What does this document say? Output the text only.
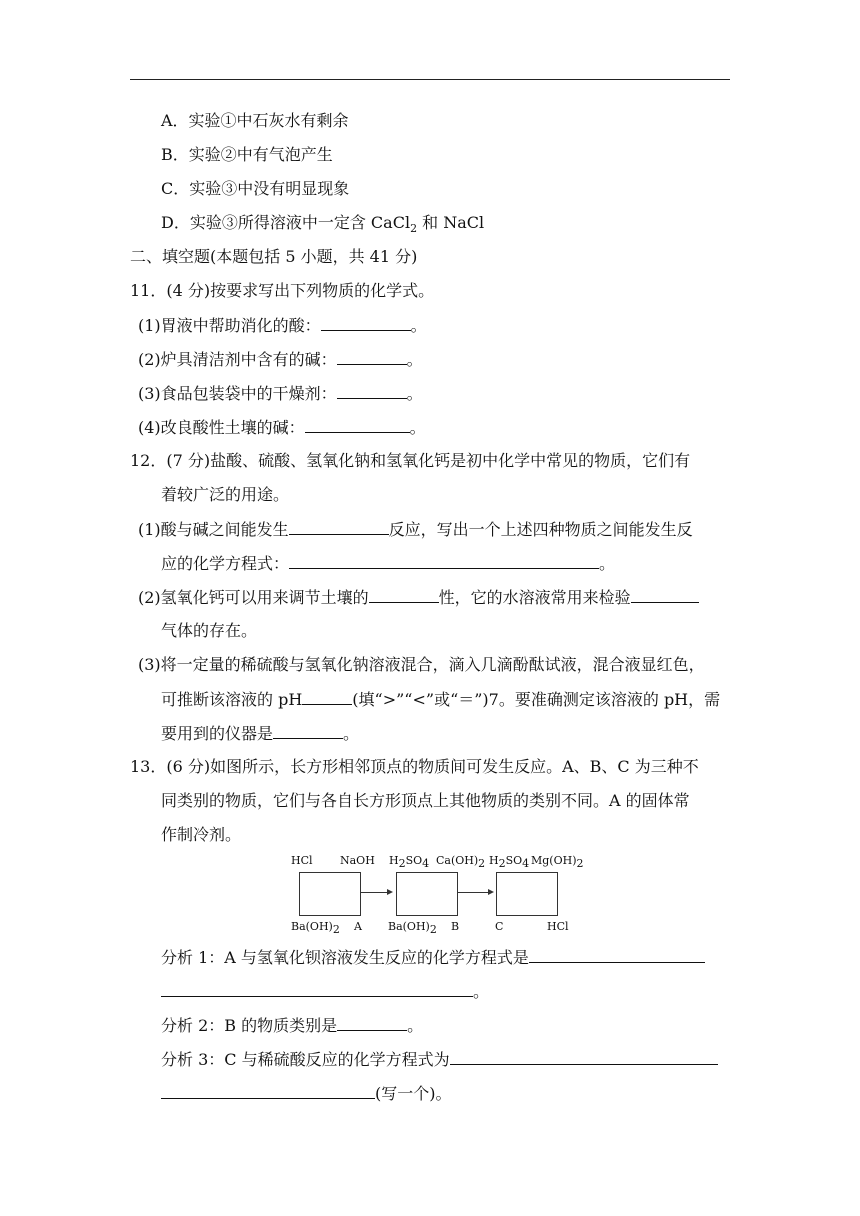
A．实验①中石灰水有剩余
B．实验②中有气泡产生
C．实验③中没有明显现象
D．实验③所得溶液中一定含 CaCl$_2$ 和 NaCl
二、填空题(本题包括 5 小题，共 41 分)
11．(4 分)按要求写出下列物质的化学式。
(1)胃液中帮助消化的酸：	。
(2)炉具清洁剂中含有的碱：	。
(3)食品包装袋中的干燥剂：	。
(4)改良酸性土壤的碱：	。
12．(7 分)盐酸、硫酸、氢氧化钠和氢氧化钙是初中化学中常见的物质，它们有
着较广泛的用途。
(1)酸与碱之间能发生	反应，写出一个上述四种物质之间能发生反
应的化学方程式：	。
(2)氢氧化钙可以用来调节土壤的	性，它的水溶液常用来检验
气体的存在。
(3)将一定量的稀硫酸与氢氧化钠溶液混合，滴入几滴酚酞试液，混合液显红色，
可推断该溶液的 pH	(填“>”“<”或“＝”)7。要准确测定该溶液的 pH，需
要用到的仪器是	。
13．(6 分)如图所示，长方形相邻顶点的物质间可发生反应。A、B、C 为三种不
同类别的物质，它们与各自长方形顶点上其他物质的类别不同。A 的固体常
作制冷剂。
HCl NaOH
$Ba(OH)_2$ A
$H_2SO_4$ $Ca(OH)_2$
$Ba(OH)_2$ B
$H_2SO_4$ $Mg(OH)_2$
C	HCl
分析 1：A 与氢氧化钡溶液发生反应的化学方程式是
。
分析 2：B 的物质类别是	。
分析 3：C 与稀硫酸反应的化学方程式为
(写一个)。
